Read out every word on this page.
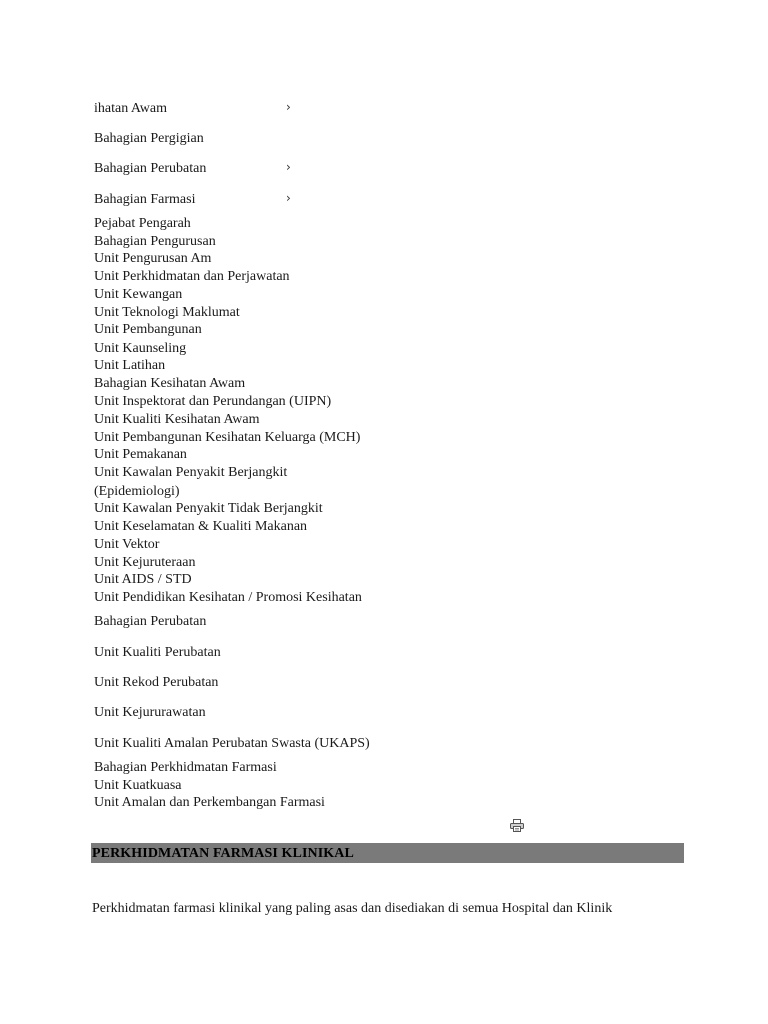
ihatan Awam	›
Bahagian Pergigian
Bahagian Perubatan	›
Bahagian Farmasi	›
Pejabat Pengarah
Bahagian Pengurusan
Unit Pengurusan Am
Unit Perkhidmatan dan Perjawatan
Unit Kewangan
Unit Teknologi Maklumat
Unit Pembangunan
Unit Kaunseling
Unit Latihan
Bahagian Kesihatan Awam
Unit Inspektorat dan Perundangan (UIPN)
Unit Kualiti Kesihatan Awam
Unit Pembangunan Kesihatan Keluarga (MCH)
Unit Pemakanan
Unit Kawalan Penyakit Berjangkit
(Epidemiologi)
Unit Kawalan Penyakit Tidak Berjangkit
Unit Keselamatan & Kualiti Makanan
Unit Vektor
Unit Kejuruteraan
Unit AIDS / STD
Unit Pendidikan Kesihatan / Promosi Kesihatan
Bahagian Perubatan
Unit Kualiti Perubatan
Unit Rekod Perubatan
Unit Kejururawatan
Unit Kualiti Amalan Perubatan Swasta (UKAPS)
Bahagian Perkhidmatan Farmasi
Unit Kuatkuasa
Unit Amalan dan Perkembangan Farmasi
PERKHIDMATAN FARMASI KLINIKAL
Perkhidmatan farmasi klinikal yang paling asas dan disediakan di semua Hospital dan Klinik
